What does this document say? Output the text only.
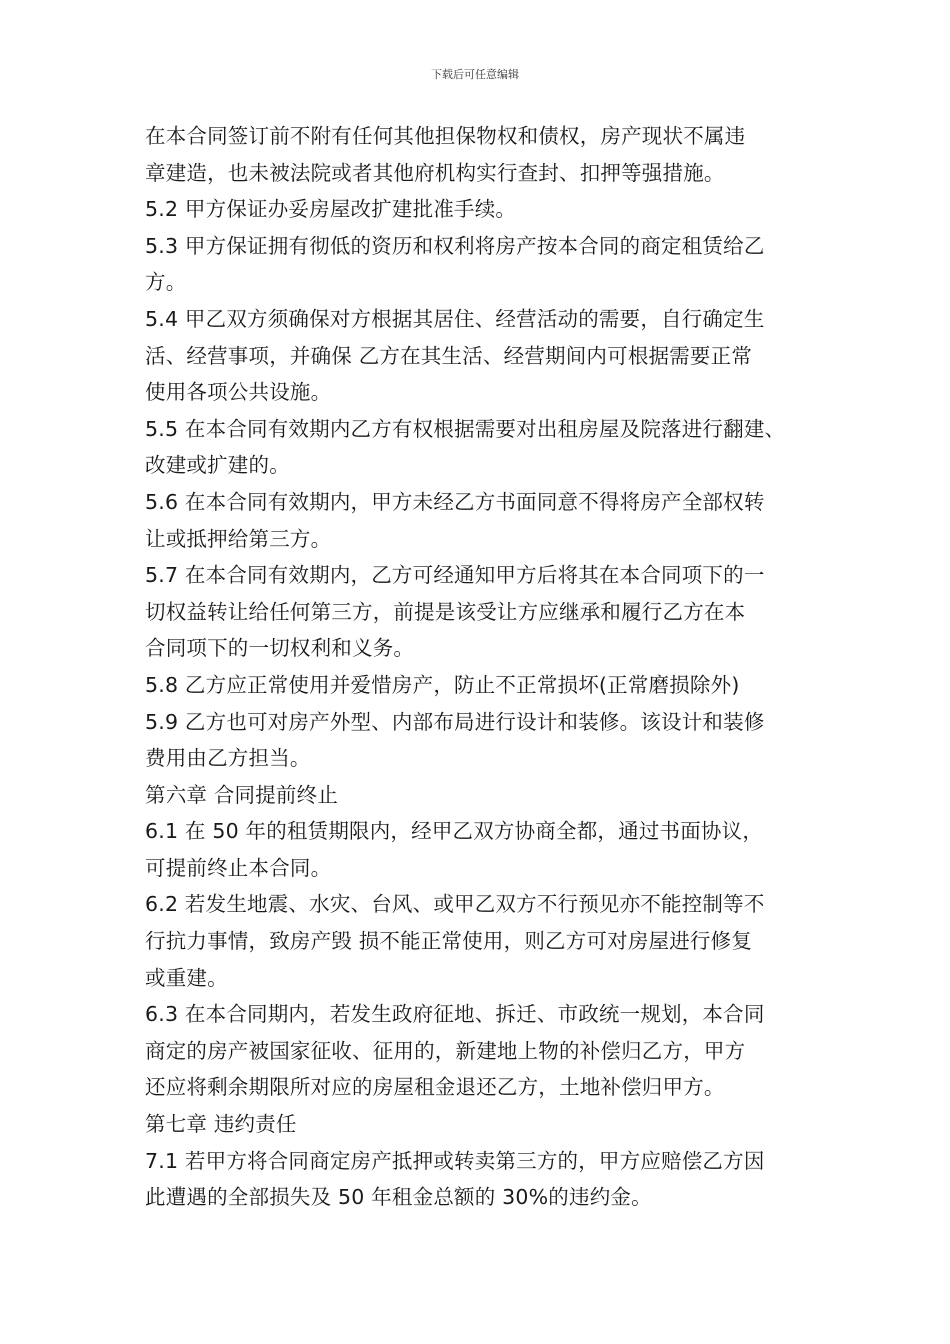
下载后可任意编辑
在本合同签订前不附有任何其他担保物权和债权，房产现状不属违
章建造，也未被法院或者其他府机构实行查封、扣押等强措施。
5.2 甲方保证办妥房屋改扩建批准手续。
5.3 甲方保证拥有彻低的资历和权利将房产按本合同的商定租赁给乙
方。
5.4 甲乙双方须确保对方根据其居住、经营活动的需要，自行确定生
活、经营事项，并确保 乙方在其生活、经营期间内可根据需要正常
使用各项公共设施。
5.5 在本合同有效期内乙方有权根据需要对出租房屋及院落进行翻建、
改建或扩建的。
5.6 在本合同有效期内，甲方未经乙方书面同意不得将房产全部权转
让或抵押给第三方。
5.7 在本合同有效期内，乙方可经通知甲方后将其在本合同项下的一
切权益转让给任何第三方，前提是该受让方应继承和履行乙方在本
合同项下的一切权利和义务。
5.8 乙方应正常使用并爱惜房产，防止不正常损坏(正常磨损除外)
5.9 乙方也可对房产外型、内部布局进行设计和装修。该设计和装修
费用由乙方担当。
第六章 合同提前终止
6.1 在 50 年的租赁期限内，经甲乙双方协商全都，通过书面协议，
可提前终止本合同。
6.2 若发生地震、水灾、台风、或甲乙双方不行预见亦不能控制等不
行抗力事情，致房产毁 损不能正常使用，则乙方可对房屋进行修复
或重建。
6.3 在本合同期内，若发生政府征地、拆迁、市政统一规划，本合同
商定的房产被国家征收、征用的，新建地上物的补偿归乙方，甲方
还应将剩余期限所对应的房屋租金退还乙方，土地补偿归甲方。
第七章 违约责任
7.1 若甲方将合同商定房产抵押或转卖第三方的，甲方应赔偿乙方因
此遭遇的全部损失及 50 年租金总额的 30%的违约金。
